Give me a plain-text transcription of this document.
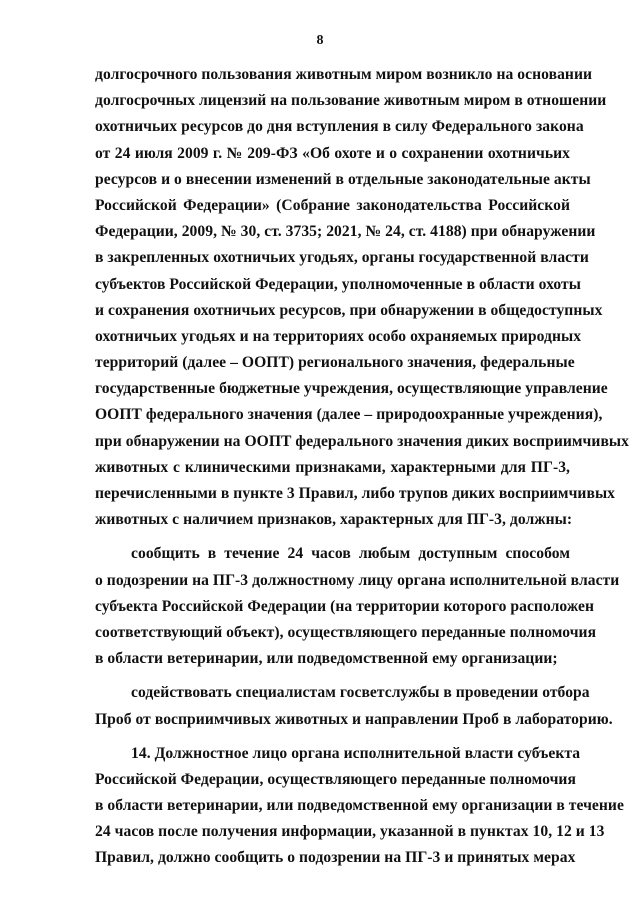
8
долгосрочного пользования животным миром возникло на основании
долгосрочных лицензий на пользование животным миром в отношении
охотничьих ресурсов до дня вступления в силу Федерального закона
от 24 июля 2009 г. № 209-ФЗ «Об охоте и о сохранении охотничьих
ресурсов и о внесении изменений в отдельные законодательные акты
Российской Федерации» (Собрание законодательства Российской
Федерации, 2009, № 30, ст. 3735; 2021, № 24, ст. 4188) при обнаружении
в закрепленных охотничьих угодьях, органы государственной власти
субъектов Российской Федерации, уполномоченные в области охоты
и сохранения охотничьих ресурсов, при обнаружении в общедоступных
охотничьих угодьях и на территориях особо охраняемых природных
территорий (далее – ООПТ) регионального значения, федеральные
государственные бюджетные учреждения, осуществляющие управление
ООПТ федерального значения (далее – природоохранные учреждения),
при обнаружении на ООПТ федерального значения диких восприимчивых
животных с клиническими признаками, характерными для ПГ-3,
перечисленными в пункте 3 Правил, либо трупов диких восприимчивых
животных с наличием признаков, характерных для ПГ-3, должны:
сообщить в течение 24 часов любым доступным способом
о подозрении на ПГ-3 должностному лицу органа исполнительной власти
субъекта Российской Федерации (на территории которого расположен
соответствующий объект), осуществляющего переданные полномочия
в области ветеринарии, или подведомственной ему организации;
содействовать специалистам госветслужбы в проведении отбора
Проб от восприимчивых животных и направлении Проб в лабораторию.
14. Должностное лицо органа исполнительной власти субъекта
Российской Федерации, осуществляющего переданные полномочия
в области ветеринарии, или подведомственной ему организации в течение
24 часов после получения информации, указанной в пунктах 10, 12 и 13
Правил, должно сообщить о подозрении на ПГ-3 и принятых мерах
